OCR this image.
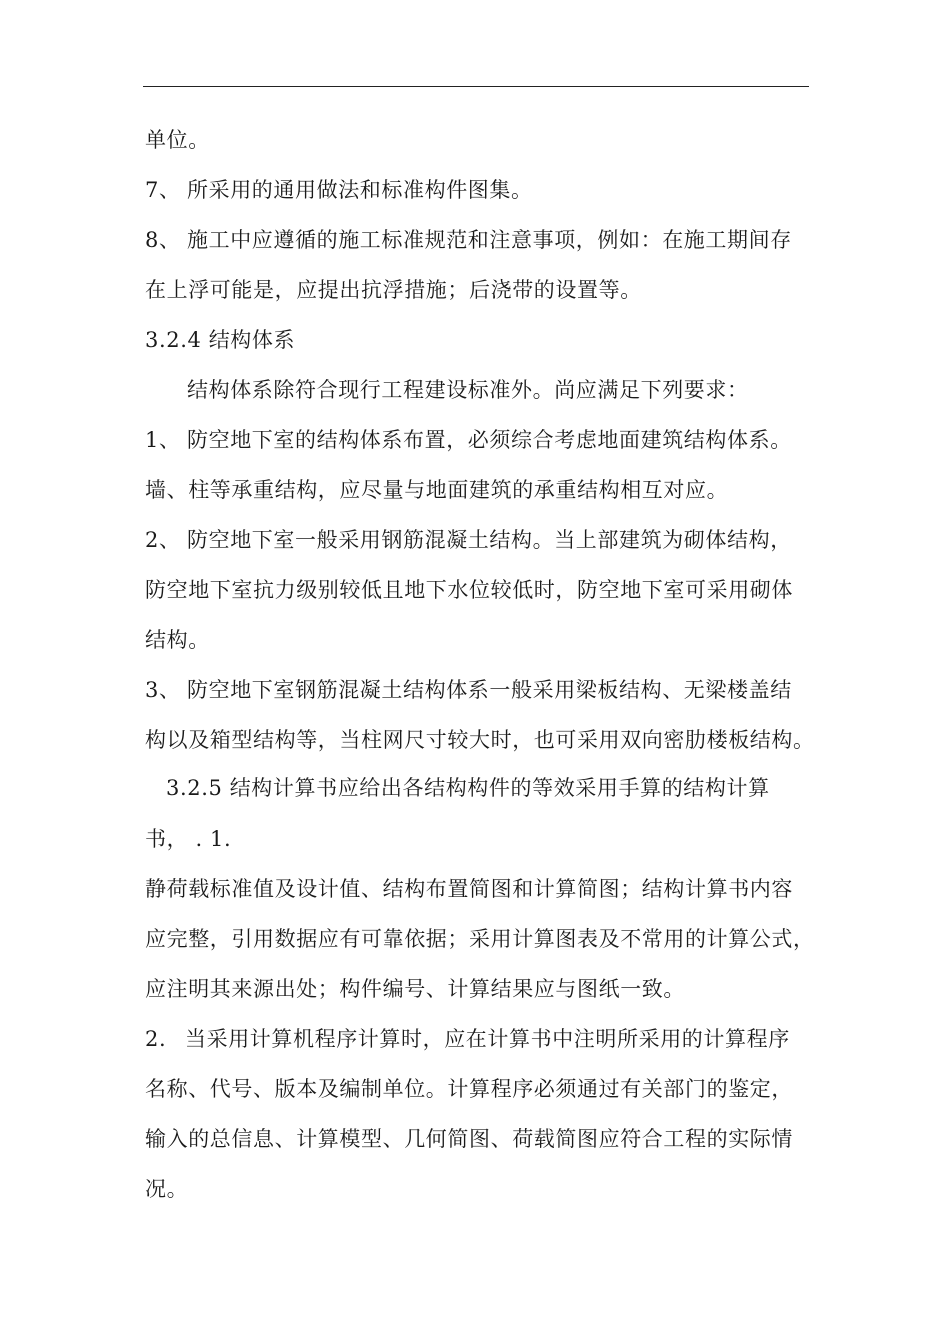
单位。
7、 所采用的通用做法和标准构件图集。
8、 施工中应遵循的施工标准规范和注意事项，例如：在施工期间存
在上浮可能是，应提出抗浮措施；后浇带的设置等。
3.2.4 结构体系
结构体系除符合现行工程建设标准外。尚应满足下列要求：
1、 防空地下室的结构体系布置，必须综合考虑地面建筑结构体系。
墙、柱等承重结构，应尽量与地面建筑的承重结构相互对应。
2、 防空地下室一般采用钢筋混凝土结构。当上部建筑为砌体结构，
防空地下室抗力级别较低且地下水位较低时，防空地下室可采用砌体
结构。
3、 防空地下室钢筋混凝土结构体系一般采用梁板结构、无梁楼盖结
构以及箱型结构等，当柱网尺寸较大时，也可采用双向密肋楼板结构。
3.2.5 结构计算书应给出各结构构件的等效采用手算的结构计算
书， . 1.
静荷载标准值及设计值、结构布置简图和计算简图；结构计算书内容
应完整，引用数据应有可靠依据；采用计算图表及不常用的计算公式，
应注明其来源出处；构件编号、计算结果应与图纸一致。
2. 当采用计算机程序计算时，应在计算书中注明所采用的计算程序
名称、代号、版本及编制单位。计算程序必须通过有关部门的鉴定，
输入的总信息、计算模型、几何简图、荷载简图应符合工程的实际情
况。
